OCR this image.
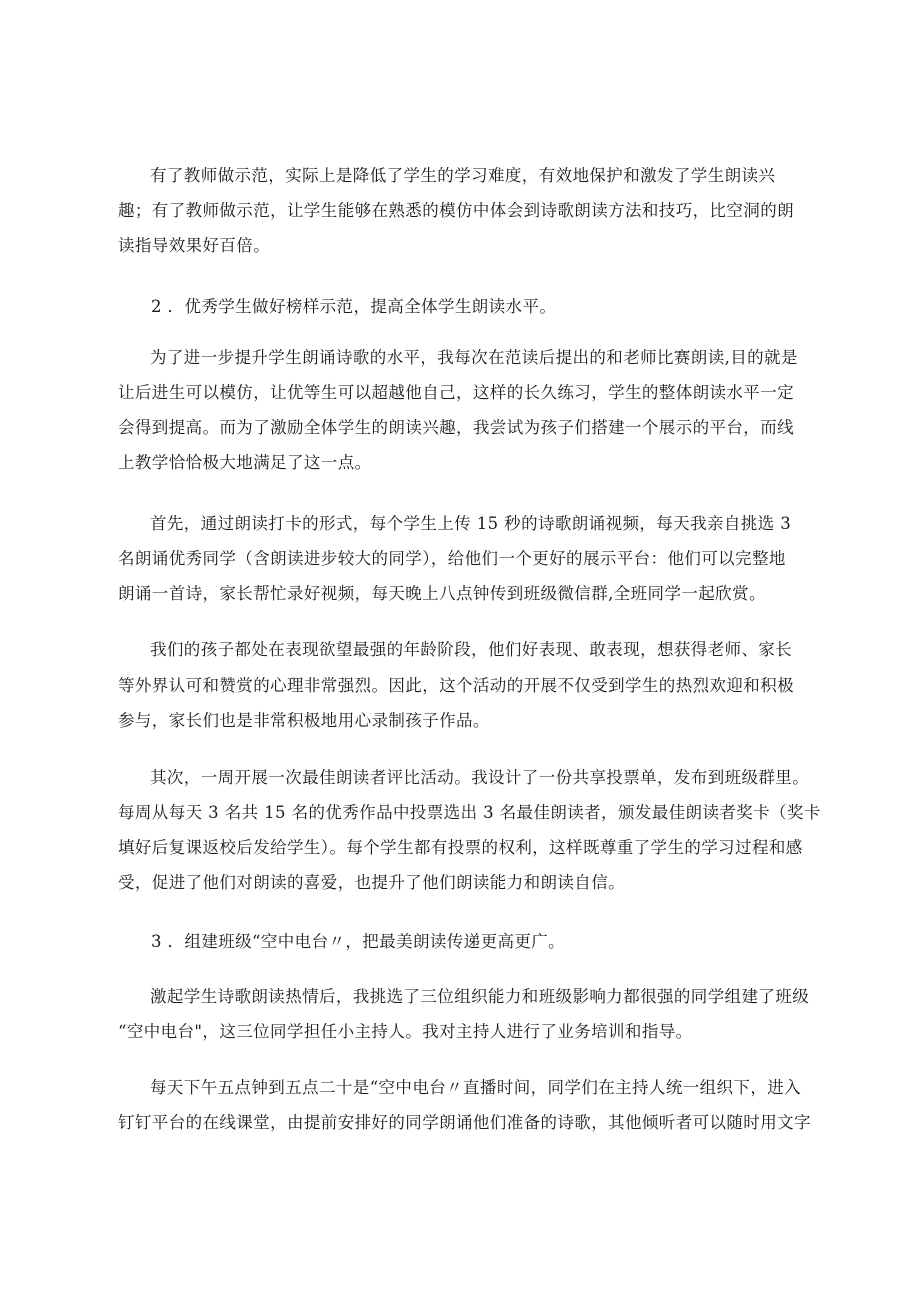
有了教师做示范，实际上是降低了学生的学习难度，有效地保护和激发了学生朗读兴
趣；有了教师做示范，让学生能够在熟悉的模仿中体会到诗歌朗读方法和技巧，比空洞的朗
读指导效果好百倍。
2 ．优秀学生做好榜样示范，提高全体学生朗读水平。
为了进一步提升学生朗诵诗歌的水平，我每次在范读后提出的和老师比赛朗读,目的就是
让后进生可以模仿，让优等生可以超越他自己，这样的长久练习，学生的整体朗读水平一定
会得到提高。而为了激励全体学生的朗读兴趣，我尝试为孩子们搭建一个展示的平台，而线
上教学恰恰极大地满足了这一点。
首先，通过朗读打卡的形式，每个学生上传 15 秒的诗歌朗诵视频，每天我亲自挑选 3
名朗诵优秀同学（含朗读进步较大的同学），给他们一个更好的展示平台：他们可以完整地
朗诵一首诗，家长帮忙录好视频，每天晚上八点钟传到班级微信群,全班同学一起欣赏。
我们的孩子都处在表现欲望最强的年龄阶段，他们好表现、敢表现，想获得老师、家长
等外界认可和赞赏的心理非常强烈。因此，这个活动的开展不仅受到学生的热烈欢迎和积极
参与，家长们也是非常积极地用心录制孩子作品。
其次，一周开展一次最佳朗读者评比活动。我设计了一份共享投票单，发布到班级群里。
每周从每天 3 名共 15 名的优秀作品中投票选出 3 名最佳朗读者，颁发最佳朗读者奖卡（奖卡
填好后复课返校后发给学生）。每个学生都有投票的权利，这样既尊重了学生的学习过程和感
受，促进了他们对朗读的喜爱，也提升了他们朗读能力和朗读自信。
3 ．组建班级“空中电台〃，把最美朗读传递更高更广。
激起学生诗歌朗读热情后，我挑选了三位组织能力和班级影响力都很强的同学组建了班级
“空中电台"，这三位同学担任小主持人。我对主持人进行了业务培训和指导。
每天下午五点钟到五点二十是“空中电台〃直播时间，同学们在主持人统一组织下，进入
钉钉平台的在线课堂，由提前安排好的同学朗诵他们准备的诗歌，其他倾听者可以随时用文字
